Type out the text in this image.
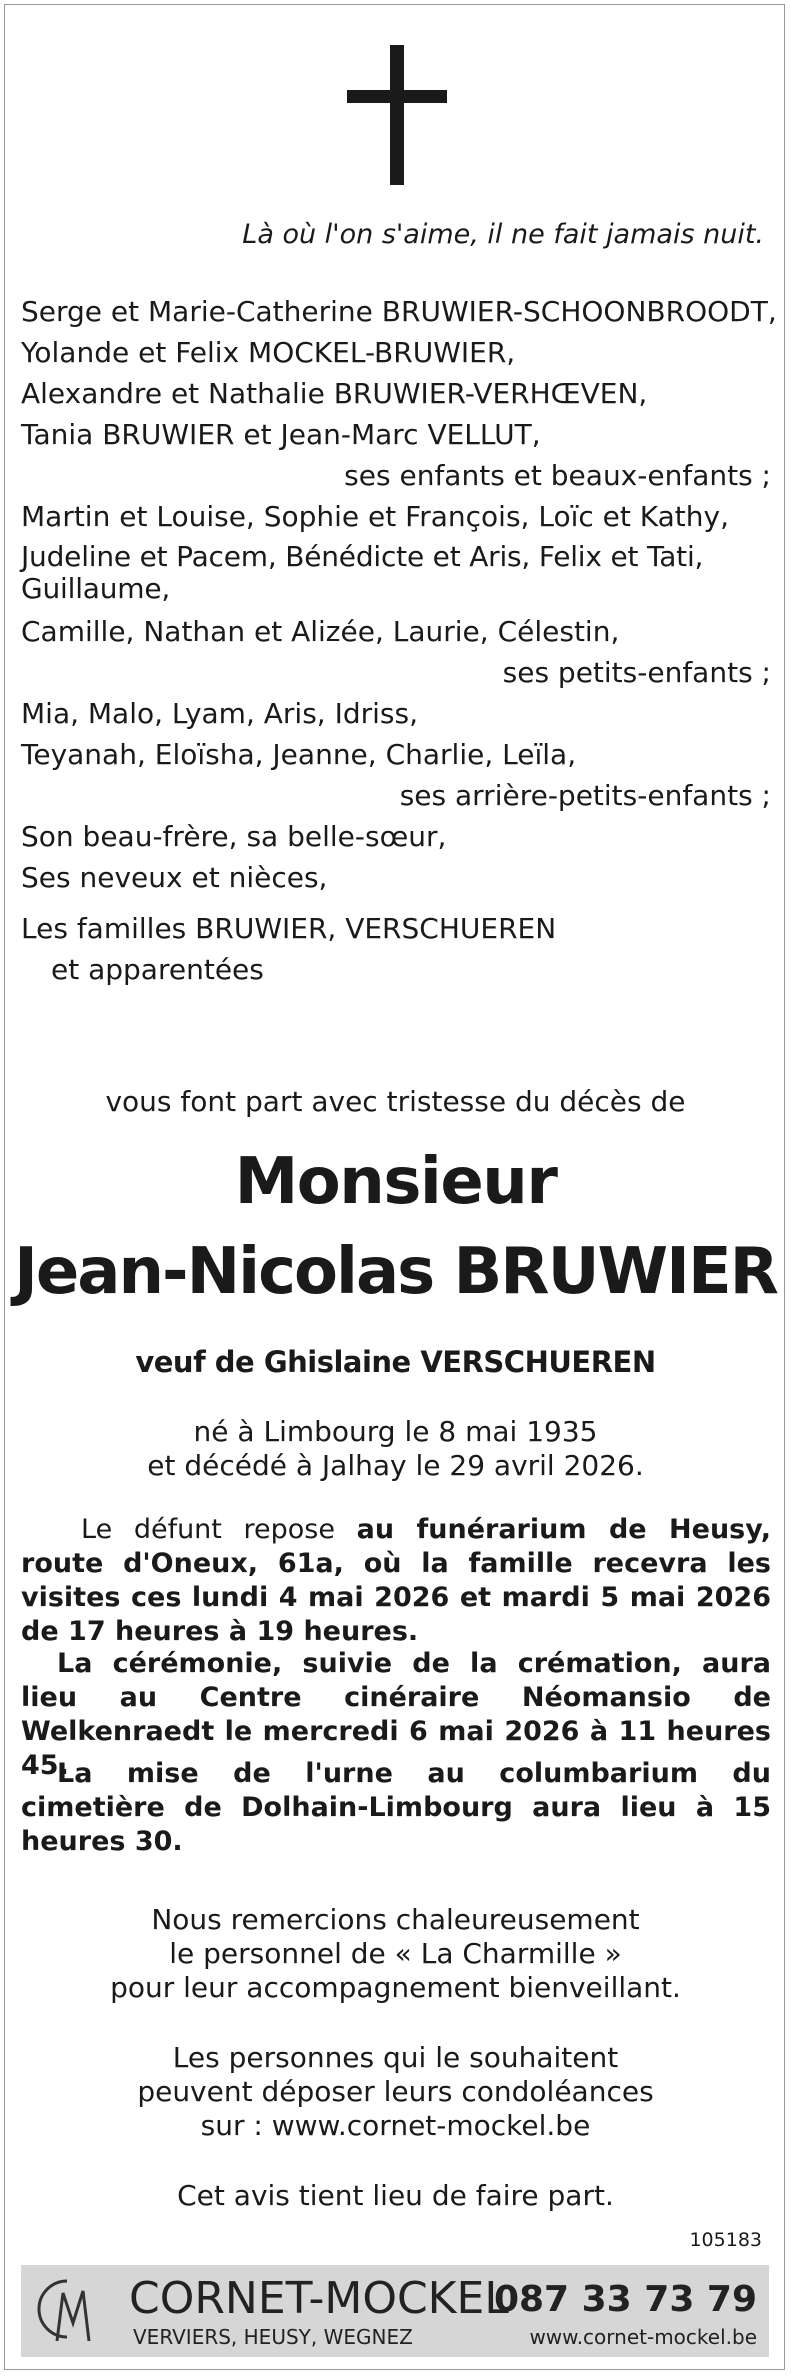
Là où l'on s'aime, il ne fait jamais nuit.
Serge et Marie-Catherine BRUWIER-SCHOONBROODT,
Yolande et Felix MOCKEL-BRUWIER,
Alexandre et Nathalie BRUWIER-VERHŒVEN,
Tania BRUWIER et Jean-Marc VELLUT,
ses enfants et beaux-enfants ;
Martin et Louise, Sophie et François, Loïc et Kathy,
Judeline et Pacem, Bénédicte et Aris, Felix et Tati, Guillaume,
Camille, Nathan et Alizée, Laurie, Célestin,
ses petits-enfants ;
Mia, Malo, Lyam, Aris, Idriss,
Teyanah, Eloïsha, Jeanne, Charlie, Leïla,
ses arrière-petits-enfants ;
Son beau-frère, sa belle-sœur,
Ses neveux et nièces,
Les familles BRUWIER, VERSCHUEREN
et apparentées
vous font part avec tristesse du décès de
Monsieur
Jean-Nicolas BRUWIER
veuf de Ghislaine VERSCHUEREN
né à Limbourg le 8 mai 1935
et décédé à Jalhay le 29 avril 2026.
Le défunt repose au funérarium de Heusy, route d'Oneux, 61a, où la famille recevra les visites ces lundi 4 mai 2026 et mardi 5 mai 2026 de 17 heures à 19 heures.
La cérémonie, suivie de la crémation, aura lieu au Centre cinéraire Néomansio de Welkenraedt le mercredi 6 mai 2026 à 11 heures 45.
La mise de l'urne au columbarium du cimetière de Dolhain-Limbourg aura lieu à 15 heures 30.
Nous remercions chaleureusement
le personnel de « La Charmille »
pour leur accompagnement bienveillant.
Les personnes qui le souhaitent
peuvent déposer leurs condoléances
sur : www.cornet-mockel.be
Cet avis tient lieu de faire part.
105183
CORNET-MOCKEL
VERVIERS, HEUSY, WEGNEZ
087 33 73 79
www.cornet-mockel.be
